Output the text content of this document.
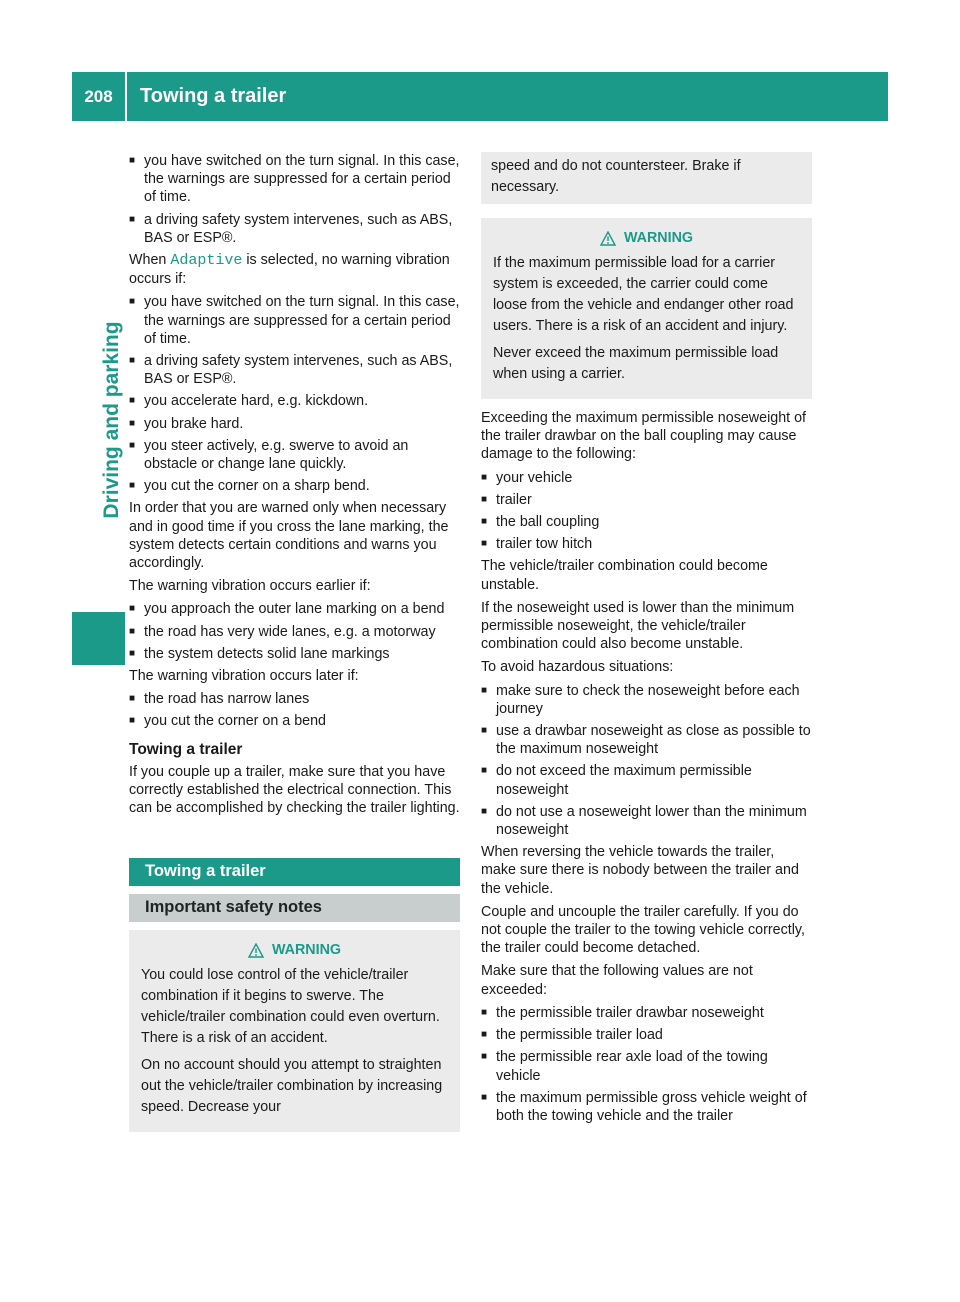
208	Towing a trailer
Driving and parking
■ you have switched on the turn signal. In this case, the warnings are suppressed for a certain period of time.
■ a driving safety system intervenes, such as ABS, BAS or ESP®.

When Adaptive is selected, no warning vibration occurs if:

■ you have switched on the turn signal. In this case, the warnings are suppressed for a certain period of time.
■ a driving safety system intervenes, such as ABS, BAS or ESP®.
■ you accelerate hard, e.g. kickdown.
■ you brake hard.
■ you steer actively, e.g. swerve to avoid an obstacle or change lane quickly.
■ you cut the corner on a sharp bend.

In order that you are warned only when necessary and in good time if you cross the lane marking, the system detects certain conditions and warns you accordingly.

The warning vibration occurs earlier if:

■ you approach the outer lane marking on a bend
■ the road has very wide lanes, e.g. a motorway
■ the system detects solid lane markings

The warning vibration occurs later if:

■ the road has narrow lanes
■ you cut the corner on a bend
Towing a trailer

If you couple up a trailer, make sure that you have correctly established the electrical connection. This can be accomplished by checking the trailer lighting.

Towing a trailer
Important safety notes
WARNING

You could lose control of the vehicle/trailer combination if it begins to swerve. The vehicle/trailer combination could even overturn. There is a risk of an accident.

On no account should you attempt to straighten out the vehicle/trailer combination by increasing speed. Decrease your

speed and do not countersteer. Brake if necessary.

WARNING

If the maximum permissible load for a carrier system is exceeded, the carrier could come loose from the vehicle and endanger other road users. There is a risk of an accident and injury.

Never exceed the maximum permissible load when using a carrier.

Exceeding the maximum permissible noseweight of the trailer drawbar on the ball coupling may cause damage to the following:

■ your vehicle
■ trailer
■ the ball coupling
■ trailer tow hitch

The vehicle/trailer combination could become unstable.

If the noseweight used is lower than the minimum permissible noseweight, the vehicle/trailer combination could also become unstable.

To avoid hazardous situations:

■ make sure to check the noseweight before each journey
■ use a drawbar noseweight as close as possible to the maximum noseweight
■ do not exceed the maximum permissible noseweight
■ do not use a noseweight lower than the minimum noseweight

When reversing the vehicle towards the trailer, make sure there is nobody between the trailer and the vehicle.

Couple and uncouple the trailer carefully. If you do not couple the trailer to the towing vehicle correctly, the trailer could become detached.

Make sure that the following values are not exceeded:

■ the permissible trailer drawbar noseweight
■ the permissible trailer load
■ the permissible rear axle load of the towing vehicle
■ the maximum permissible gross vehicle weight of both the towing vehicle and the trailer
